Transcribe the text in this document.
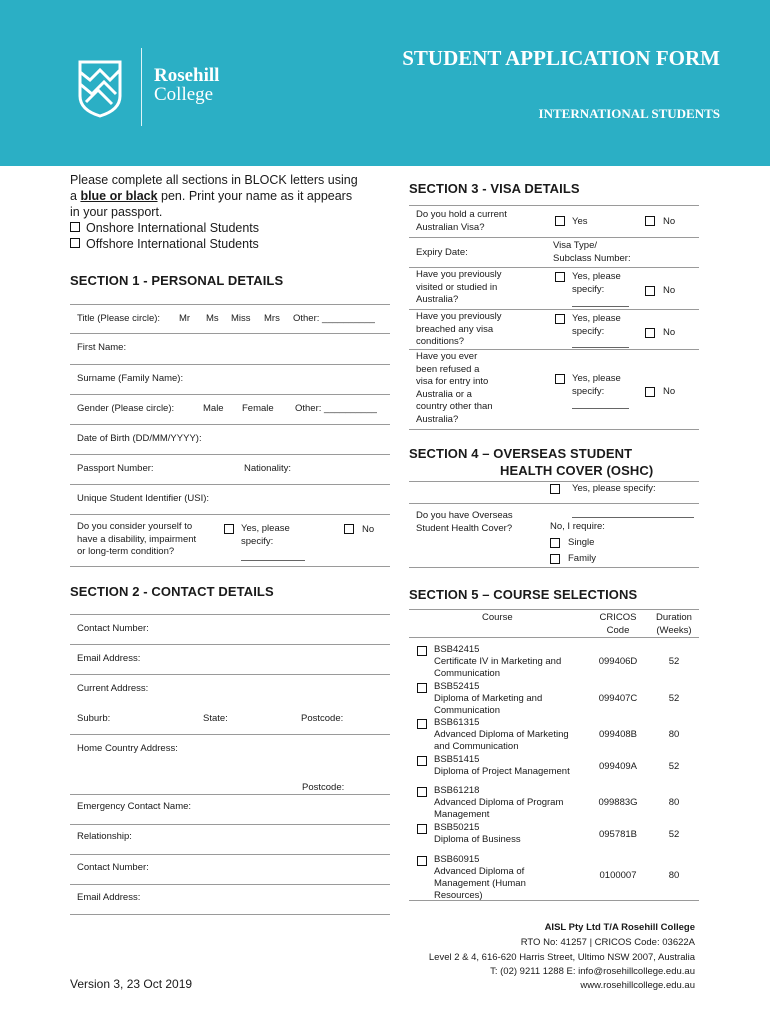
Rosehill
College
STUDENT APPLICATION FORM
INTERNATIONAL STUDENTS
Please complete all sections in BLOCK letters using
a blue or black pen. Print your name as it appears
in your passport.
Onshore International Students
Offshore International Students
SECTION 1 - PERSONAL DETAILS
Title (Please circle): Mr Ms Miss Mrs Other: __________
First Name:
Surname (Family Name):
Gender (Please circle):	Male Female Other: __________
Date of Birth (DD/MM/YYYY):
Passport Number:	Nationality:
Unique Student Identifier (USI):
Do you consider yourself to
have a disability, impairment
or long-term condition?
Yes, please
specify:
No
SECTION 2 - CONTACT DETAILS
Contact Number:
Email Address:
Current Address:
Suburb:	State:	Postcode:
Home Country Address:
Postcode:
Emergency Contact Name:
Relationship:
Contact Number:
Email Address:
SECTION 3 - VISA DETAILS
Do you hold a current
Australian Visa?	Yes	No
Expiry Date:
Visa Type/
Subclass Number:
Have you previously
visited or studied in
Australia?
Yes, please
specify:	No
Have you previously
breached any visa
conditions?
Yes, please
specify:	No
Have you ever
been refused a
visa for entry into
Australia or a
country other than
Australia?
Yes, please
specify:	No
SECTION 4 – OVERSEAS STUDENT
HEALTH COVER (OSHC)
Yes, please specify:
Do you have Overseas
Student Health Cover?	No, I require:
Single
Family
SECTION 5 – COURSE SELECTIONS
Course	CRICOS
Code
Duration
(Weeks)
BSB42415
Certificate IV in Marketing and
Communication
099406D	52
BSB52415
Diploma of Marketing and
Communication
099407C	52
BSB61315
Advanced Diploma of Marketing
and Communication
099408B	80
BSB51415
Diploma of Project Management	099409A	52
BSB61218
Advanced Diploma of Program
Management
099883G	80
BSB50215
Diploma of Business	095781B	52
BSB60915
Advanced Diploma of
Management (Human
Resources)
0100007	80
AISL Pty Ltd T/A Rosehill College
RTO No: 41257 | CRICOS Code: 03622A
Level 2 & 4, 616-620 Harris Street, Ultimo NSW 2007, Australia
T: (02) 9211 1288 E: info@rosehillcollege.edu.au
www.rosehillcollege.edu.au
Version 3, 23 Oct 2019
